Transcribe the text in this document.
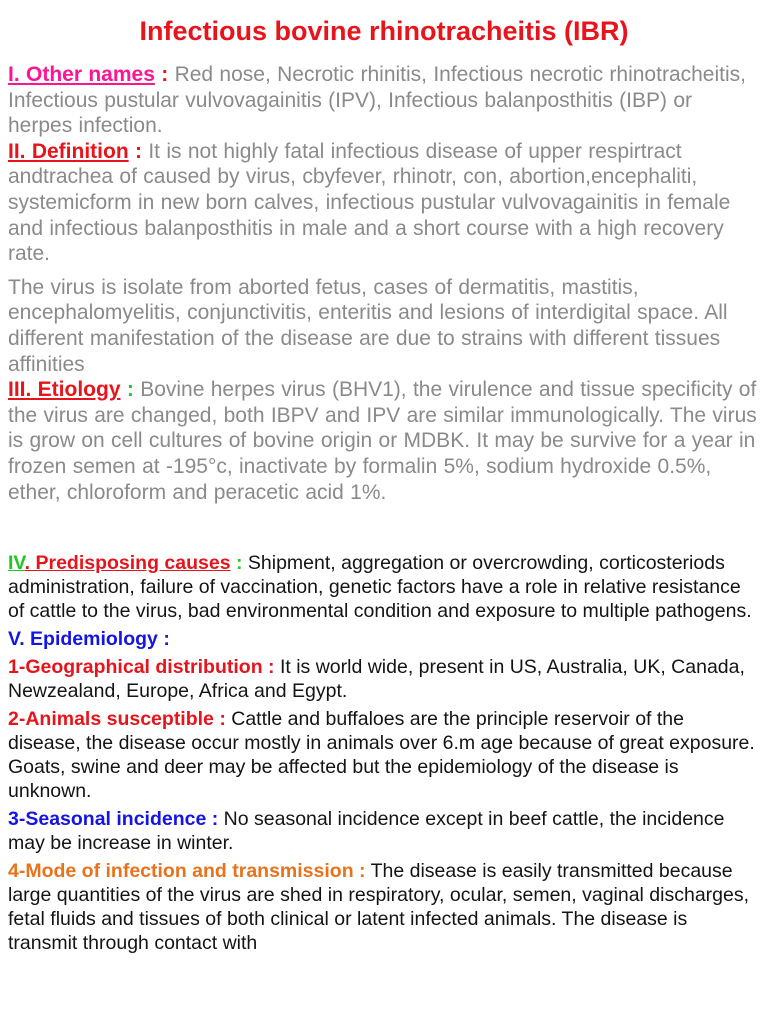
Infectious bovine rhinotracheitis (IBR)

I. Other names : Red nose, Necrotic rhinitis, Infectious necrotic rhinotracheitis, Infectious pustular vulvovagainitis (IPV), Infectious balanposthitis (IBP) or herpes infection.

II. Definition : It is not highly fatal infectious disease of upper respirtract andtrachea of caused by virus, cbyfever, rhinotr, con, abortion,encephaliti, systemicform in new born calves, infectious pustular vulvovagainitis in female and infectious balanposthitis in male and a short course with a high recovery rate.

The virus is isolate from aborted fetus, cases of dermatitis, mastitis, encephalomyelitis, conjunctivitis, enteritis and lesions of interdigital space. All different manifestation of the disease are due to strains with different tissues affinities

III. Etiology : Bovine herpes virus (BHV1), the virulence and tissue specificity of the virus are changed, both IBPV and IPV are similar immunologically. The virus is grow on cell cultures of bovine origin or MDBK. It may be survive for a year in frozen semen at -195°c, inactivate by formalin 5%, sodium hydroxide 0.5%, ether, chloroform and peracetic acid 1%.

IV. Predisposing causes : Shipment, aggregation or overcrowding, corticosteriods administration, failure of vaccination, genetic factors have a role in relative resistance of cattle to the virus, bad environmental condition and exposure to multiple pathogens.

V. Epidemiology :

1-Geographical distribution : It is world wide, present in US, Australia, UK, Canada, Newzealand, Europe, Africa and Egypt.

2-Animals susceptible : Cattle and buffaloes are the principle reservoir of the disease, the disease occur mostly in animals over 6.m age because of great exposure. Goats, swine and deer may be affected but the epidemiology of the disease is unknown.

3-Seasonal incidence : No seasonal incidence except in beef cattle, the incidence may be increase in winter.

4-Mode of infection and transmission : The disease is easily transmitted because large quantities of the virus are shed in respiratory, ocular, semen, vaginal discharges, fetal fluids and tissues of both clinical or latent infected animals. The disease is transmit through contact with
